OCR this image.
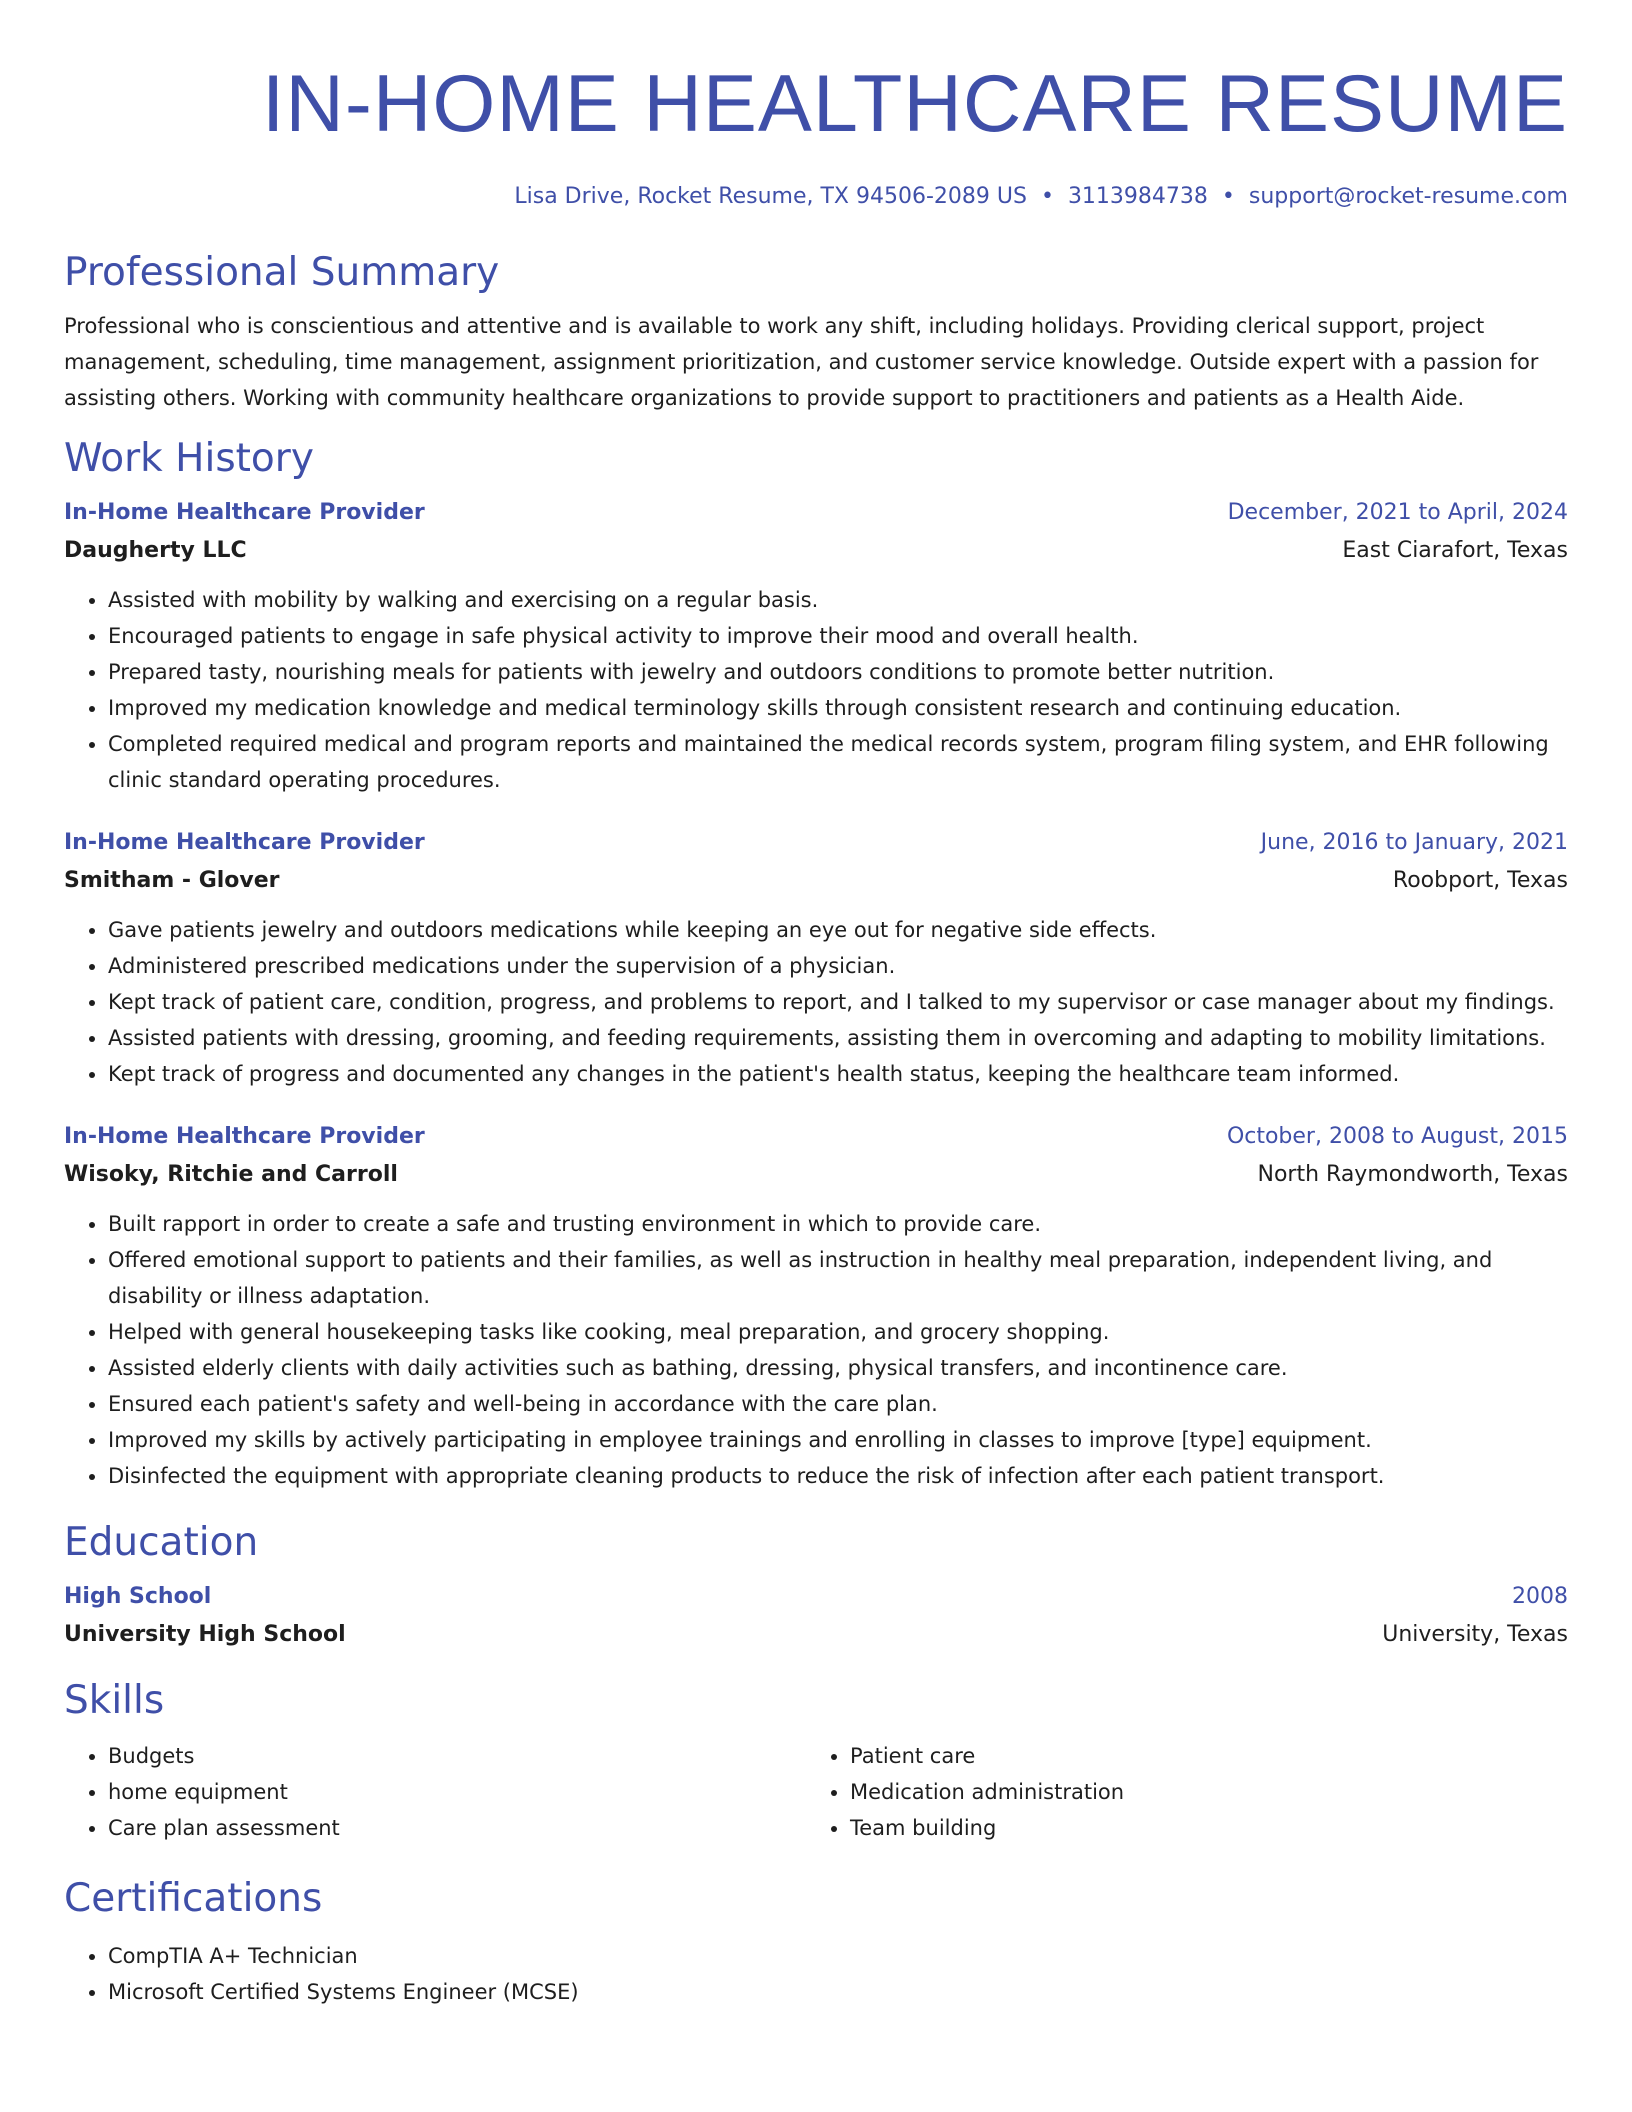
IN-HOME HEALTHCARE RESUME
Lisa Drive, Rocket Resume, TX 94506-2089 US • 3113984738 • support@rocket-resume.com
Professional Summary

Professional who is conscientious and attentive and is available to work any shift, including holidays. Providing clerical support, project management, scheduling, time management, assignment prioritization, and customer service knowledge. Outside expert with a passion for assisting others. Working with community healthcare organizations to provide support to practitioners and patients as a Health Aide.

Work History
In-Home Healthcare Provider	December, 2021 to April, 2024
Daugherty LLC	East Ciarafort, Texas
• Assisted with mobility by walking and exercising on a regular basis.
• Encouraged patients to engage in safe physical activity to improve their mood and overall health.
• Prepared tasty, nourishing meals for patients with jewelry and outdoors conditions to promote better nutrition.
• Improved my medication knowledge and medical terminology skills through consistent research and continuing education.
• Completed required medical and program reports and maintained the medical records system, program filing system, and EHR following clinic standard operating procedures.
In-Home Healthcare Provider	June, 2016 to January, 2021
Smitham - Glover	Roobport, Texas
• Gave patients jewelry and outdoors medications while keeping an eye out for negative side effects.
• Administered prescribed medications under the supervision of a physician.
• Kept track of patient care, condition, progress, and problems to report, and I talked to my supervisor or case manager about my findings.
• Assisted patients with dressing, grooming, and feeding requirements, assisting them in overcoming and adapting to mobility limitations.
• Kept track of progress and documented any changes in the patient's health status, keeping the healthcare team informed.
In-Home Healthcare Provider	October, 2008 to August, 2015
Wisoky, Ritchie and Carroll	North Raymondworth, Texas
• Built rapport in order to create a safe and trusting environment in which to provide care.
• Offered emotional support to patients and their families, as well as instruction in healthy meal preparation, independent living, and disability or illness adaptation.
• Helped with general housekeeping tasks like cooking, meal preparation, and grocery shopping.
• Assisted elderly clients with daily activities such as bathing, dressing, physical transfers, and incontinence care.
• Ensured each patient's safety and well-being in accordance with the care plan.
• Improved my skills by actively participating in employee trainings and enrolling in classes to improve [type] equipment.
• Disinfected the equipment with appropriate cleaning products to reduce the risk of infection after each patient transport.
Education
High School	2008
University High School	University, Texas
Skills
• Budgets
• home equipment
• Care plan assessment
• Patient care
• Medication administration
• Team building
Certifications
• CompTIA A+ Technician
• Microsoft Certified Systems Engineer (MCSE)
